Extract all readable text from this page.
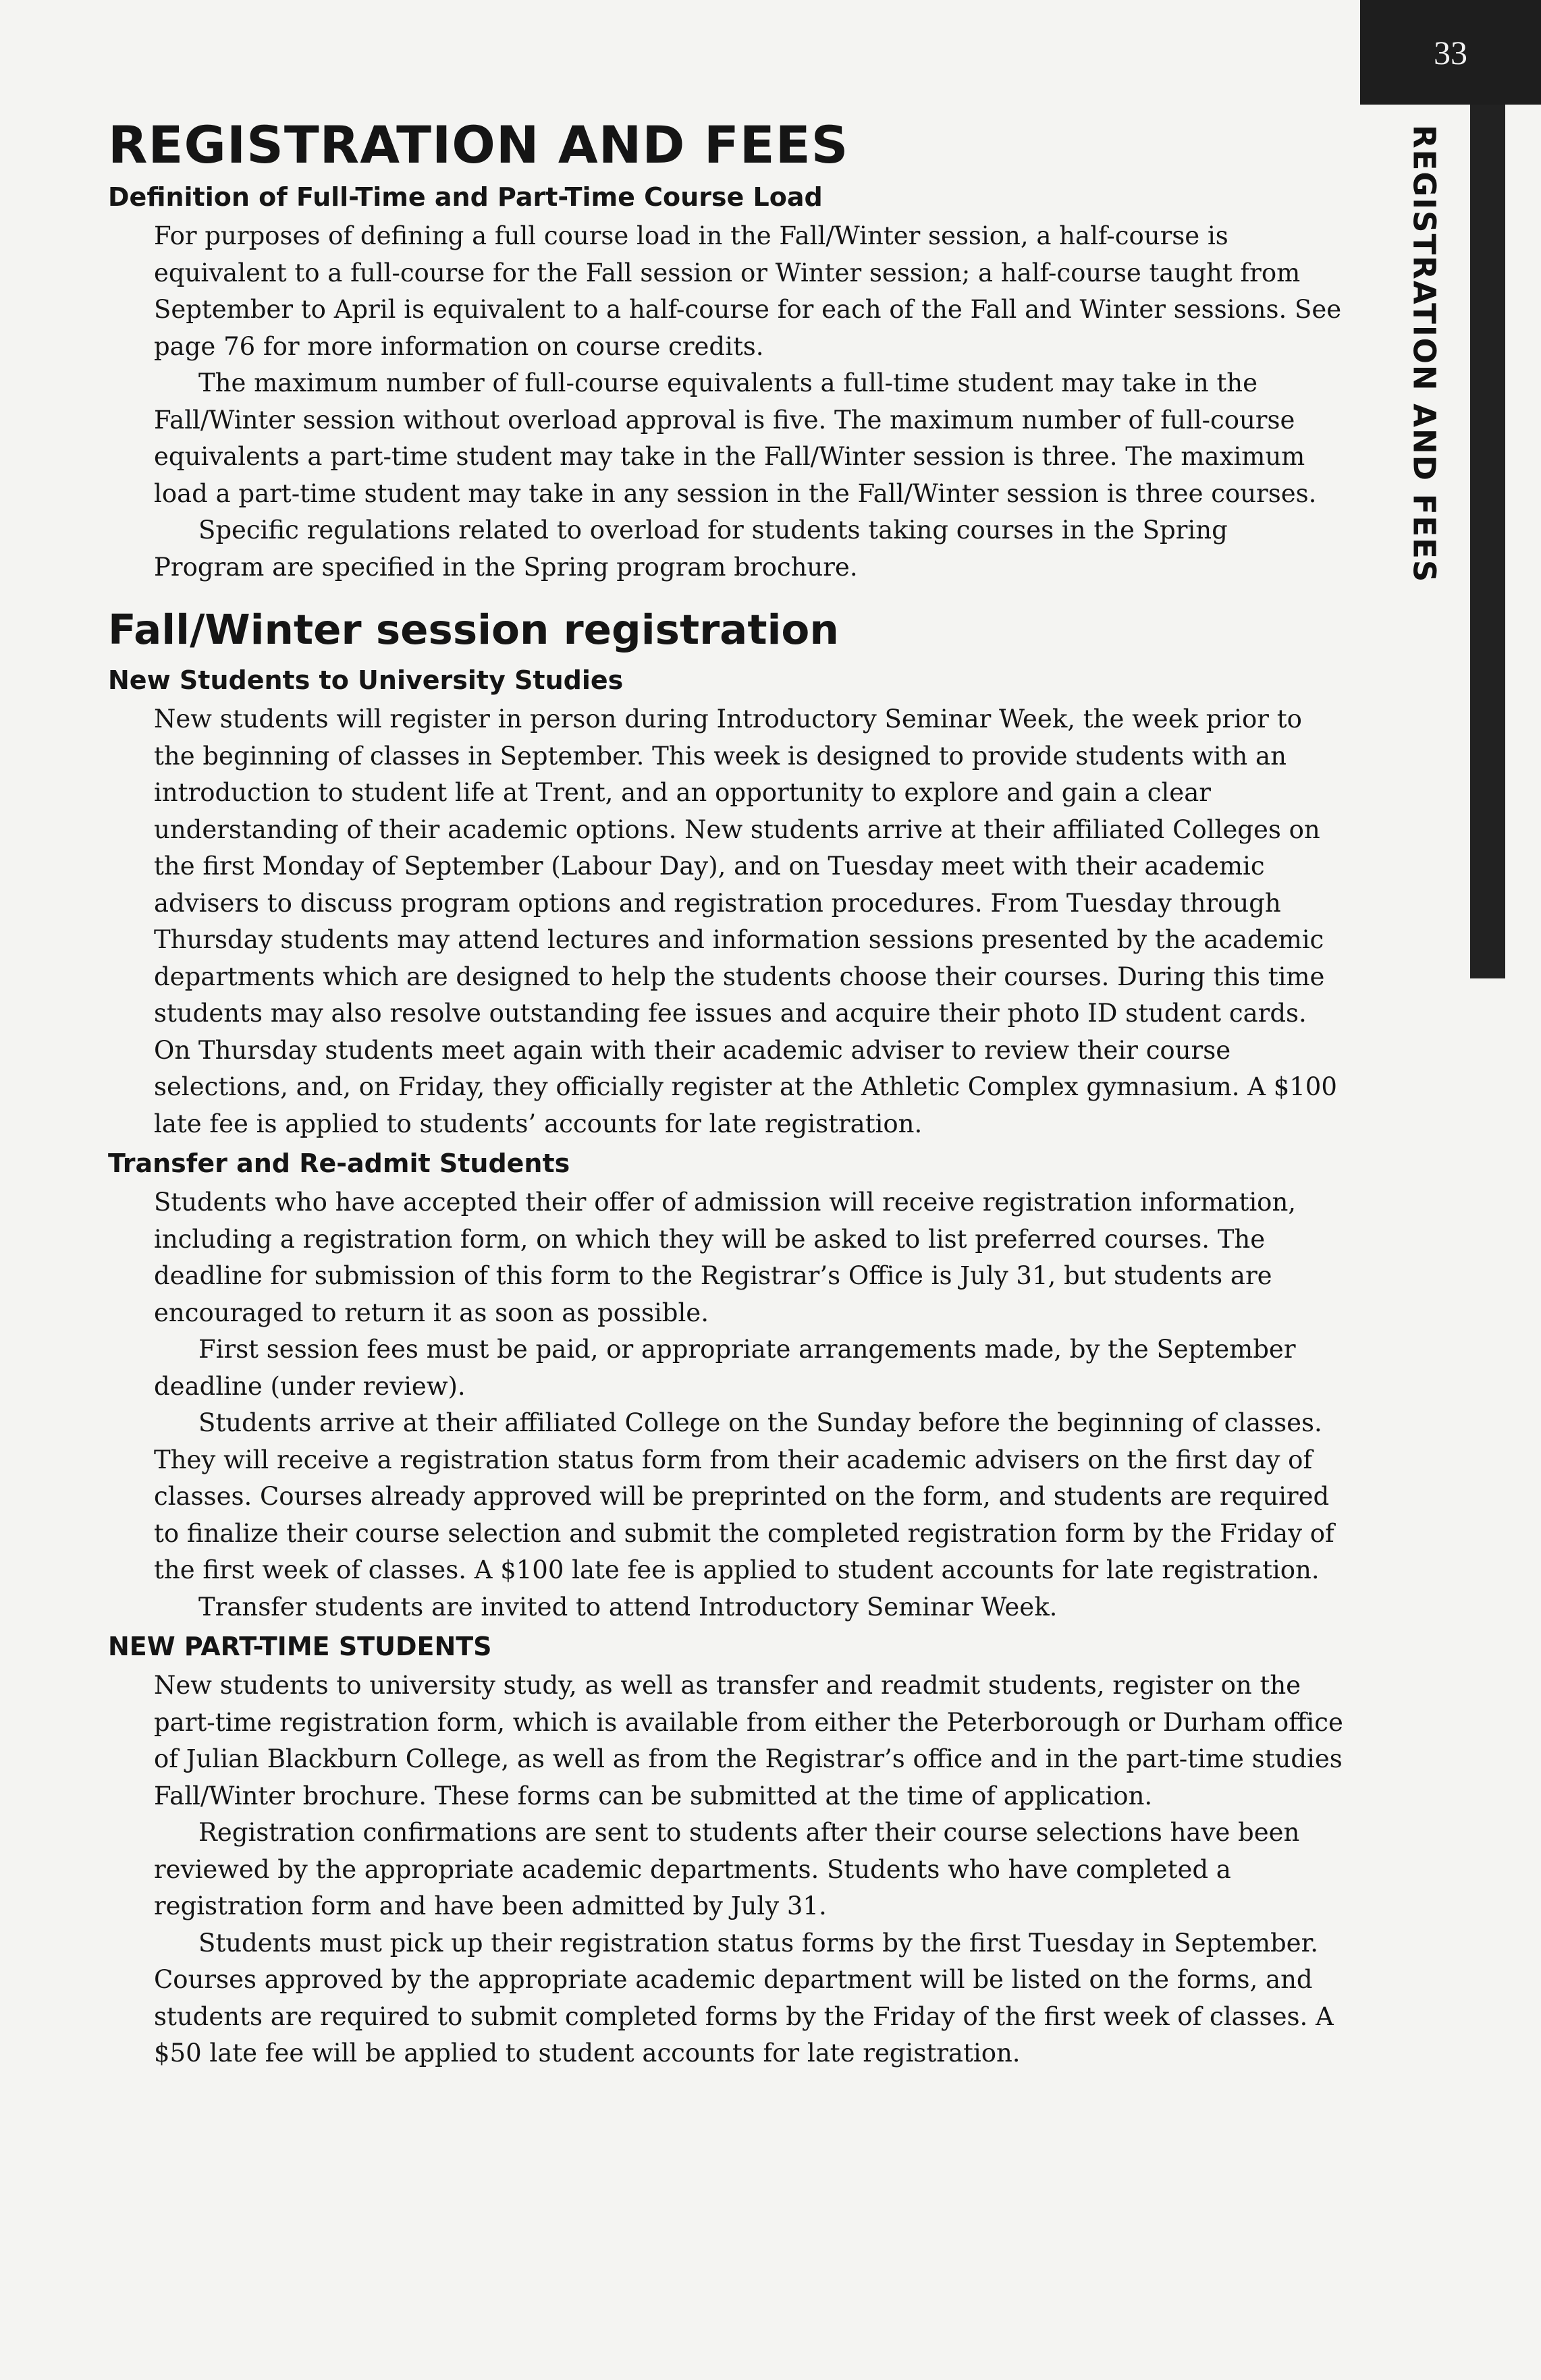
33
REGISTRATION AND FEES
REGISTRATION AND FEES
Definition of Full-Time and Part-Time Course Load

For purposes of defining a full course load in the Fall/Winter session, a half-course is equivalent to a full-course for the Fall session or Winter session; a half-course taught from September to April is equivalent to a half-course for each of the Fall and Winter sessions. See page 76 for more information on course credits.

The maximum number of full-course equivalents a full-time student may take in the Fall/Winter session without overload approval is five. The maximum number of full-course equivalents a part-time student may take in the Fall/Winter session is three. The maximum load a part-time student may take in any session in the Fall/Winter session is three courses.

Specific regulations related to overload for students taking courses in the Spring Program are specified in the Spring program brochure.

Fall/Winter session registration
New Students to University Studies

New students will register in person during Introductory Seminar Week, the week prior to the beginning of classes in September. This week is designed to provide students with an introduction to student life at Trent, and an opportunity to explore and gain a clear understanding of their academic options. New students arrive at their affiliated Colleges on the first Monday of September (Labour Day), and on Tuesday meet with their academic advisers to discuss program options and registration procedures. From Tuesday through Thursday students may attend lectures and information sessions presented by the academic departments which are designed to help the students choose their courses. During this time students may also resolve outstanding fee issues and acquire their photo ID student cards. On Thursday students meet again with their academic adviser to review their course selections, and, on Friday, they officially register at the Athletic Complex gymnasium. A $100 late fee is applied to students’ accounts for late registration.

Transfer and Re-admit Students

Students who have accepted their offer of admission will receive registration information, including a registration form, on which they will be asked to list preferred courses. The deadline for submission of this form to the Registrar’s Office is July 31, but students are encouraged to return it as soon as possible.

First session fees must be paid, or appropriate arrangements made, by the September deadline (under review).

Students arrive at their affiliated College on the Sunday before the beginning of classes. They will receive a registration status form from their academic advisers on the first day of classes. Courses already approved will be preprinted on the form, and students are required to finalize their course selection and submit the completed registration form by the Friday of the first week of classes. A $100 late fee is applied to student accounts for late registration.

Transfer students are invited to attend Introductory Seminar Week.

NEW PART-TIME STUDENTS

New students to university study, as well as transfer and readmit students, register on the part-time registration form, which is available from either the Peterborough or Durham office of Julian Blackburn College, as well as from the Registrar’s office and in the part-time studies Fall/Winter brochure. These forms can be submitted at the time of application.

Registration confirmations are sent to students after their course selections have been reviewed by the appropriate academic departments. Students who have completed a registration form and have been admitted by July 31.

Students must pick up their registration status forms by the first Tuesday in September. Courses approved by the appropriate academic department will be listed on the forms, and students are required to submit completed forms by the Friday of the first week of classes. A $50 late fee will be applied to student accounts for late registration.
